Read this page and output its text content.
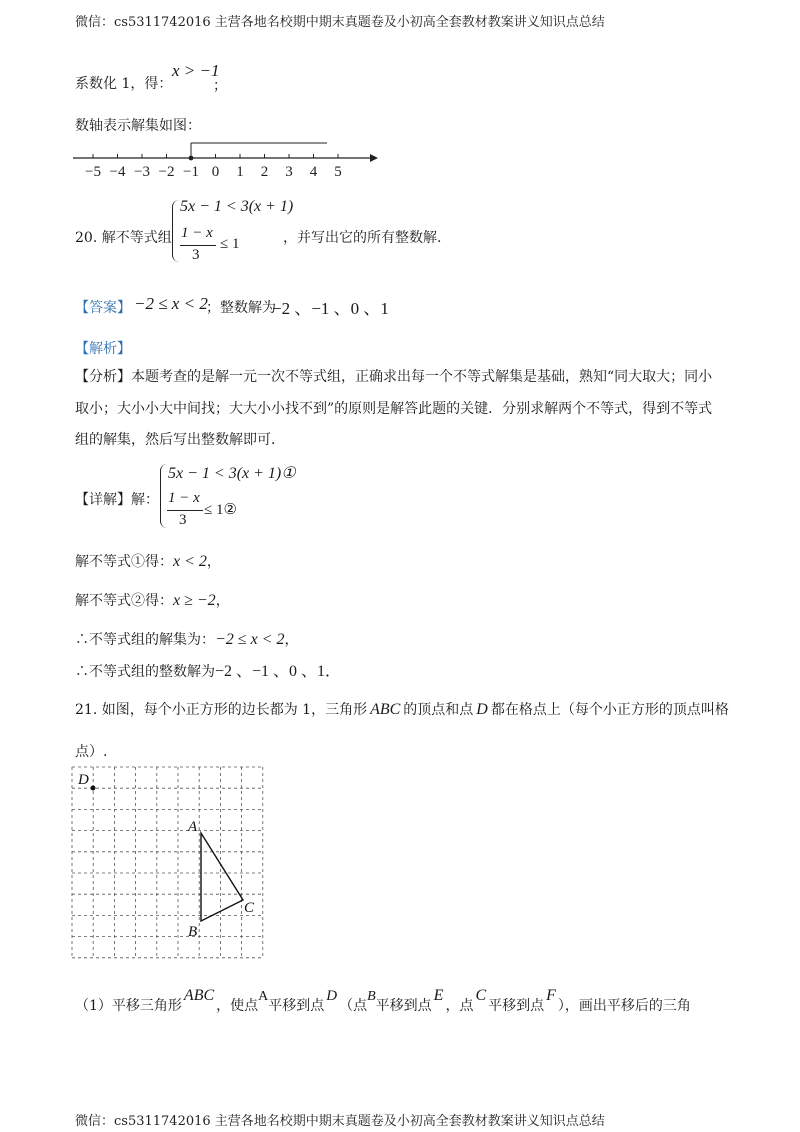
微信：cs5311742016 主营各地名校期中期末真题卷及小初高全套教材教案讲义知识点总结
系数化 1，得：
x > −1
；
数轴表示解集如图：
−5 −4 −3 −2 −1 0 1 2 3 4 5
20. 解不等式组
5x − 1 < 3(x + 1)
1 − x
3
≤ 1	，并写出它的所有整数解.
【答案】 −2 ≤ x < 2
；整数解为
−2 、−1 、0 、1
【解析】
【分析】本题考查的是解一元一次不等式组，正确求出每一个不等式解集是基础，熟知“同大取大；同小
取小；大小小大中间找；大大小小找不到”的原则是解答此题的关键．分别求解两个不等式，得到不等式
组的解集，然后写出整数解即可．
【详解】解：
5x − 1 < 3(x + 1)①
1 − x
3
≤ 1②
解不等式①得：x < 2，
解不等式②得：x ≥ −2，
∴不等式组的解集为：−2 ≤ x < 2，
∴不等式组的整数解为−2 、−1 、0 、1．
21. 如图，每个小正方形的边长都为 1，三角形 ABC 的顶点和点 D 都在格点上（每个小正方形的顶点叫格
点）.
D
A
B
C
（1）平移三角形ABC，使点A平移到点D（点B平移到点E，点C平移到点F），画出平移后的三角
微信：cs5311742016 主营各地名校期中期末真题卷及小初高全套教材教案讲义知识点总结
